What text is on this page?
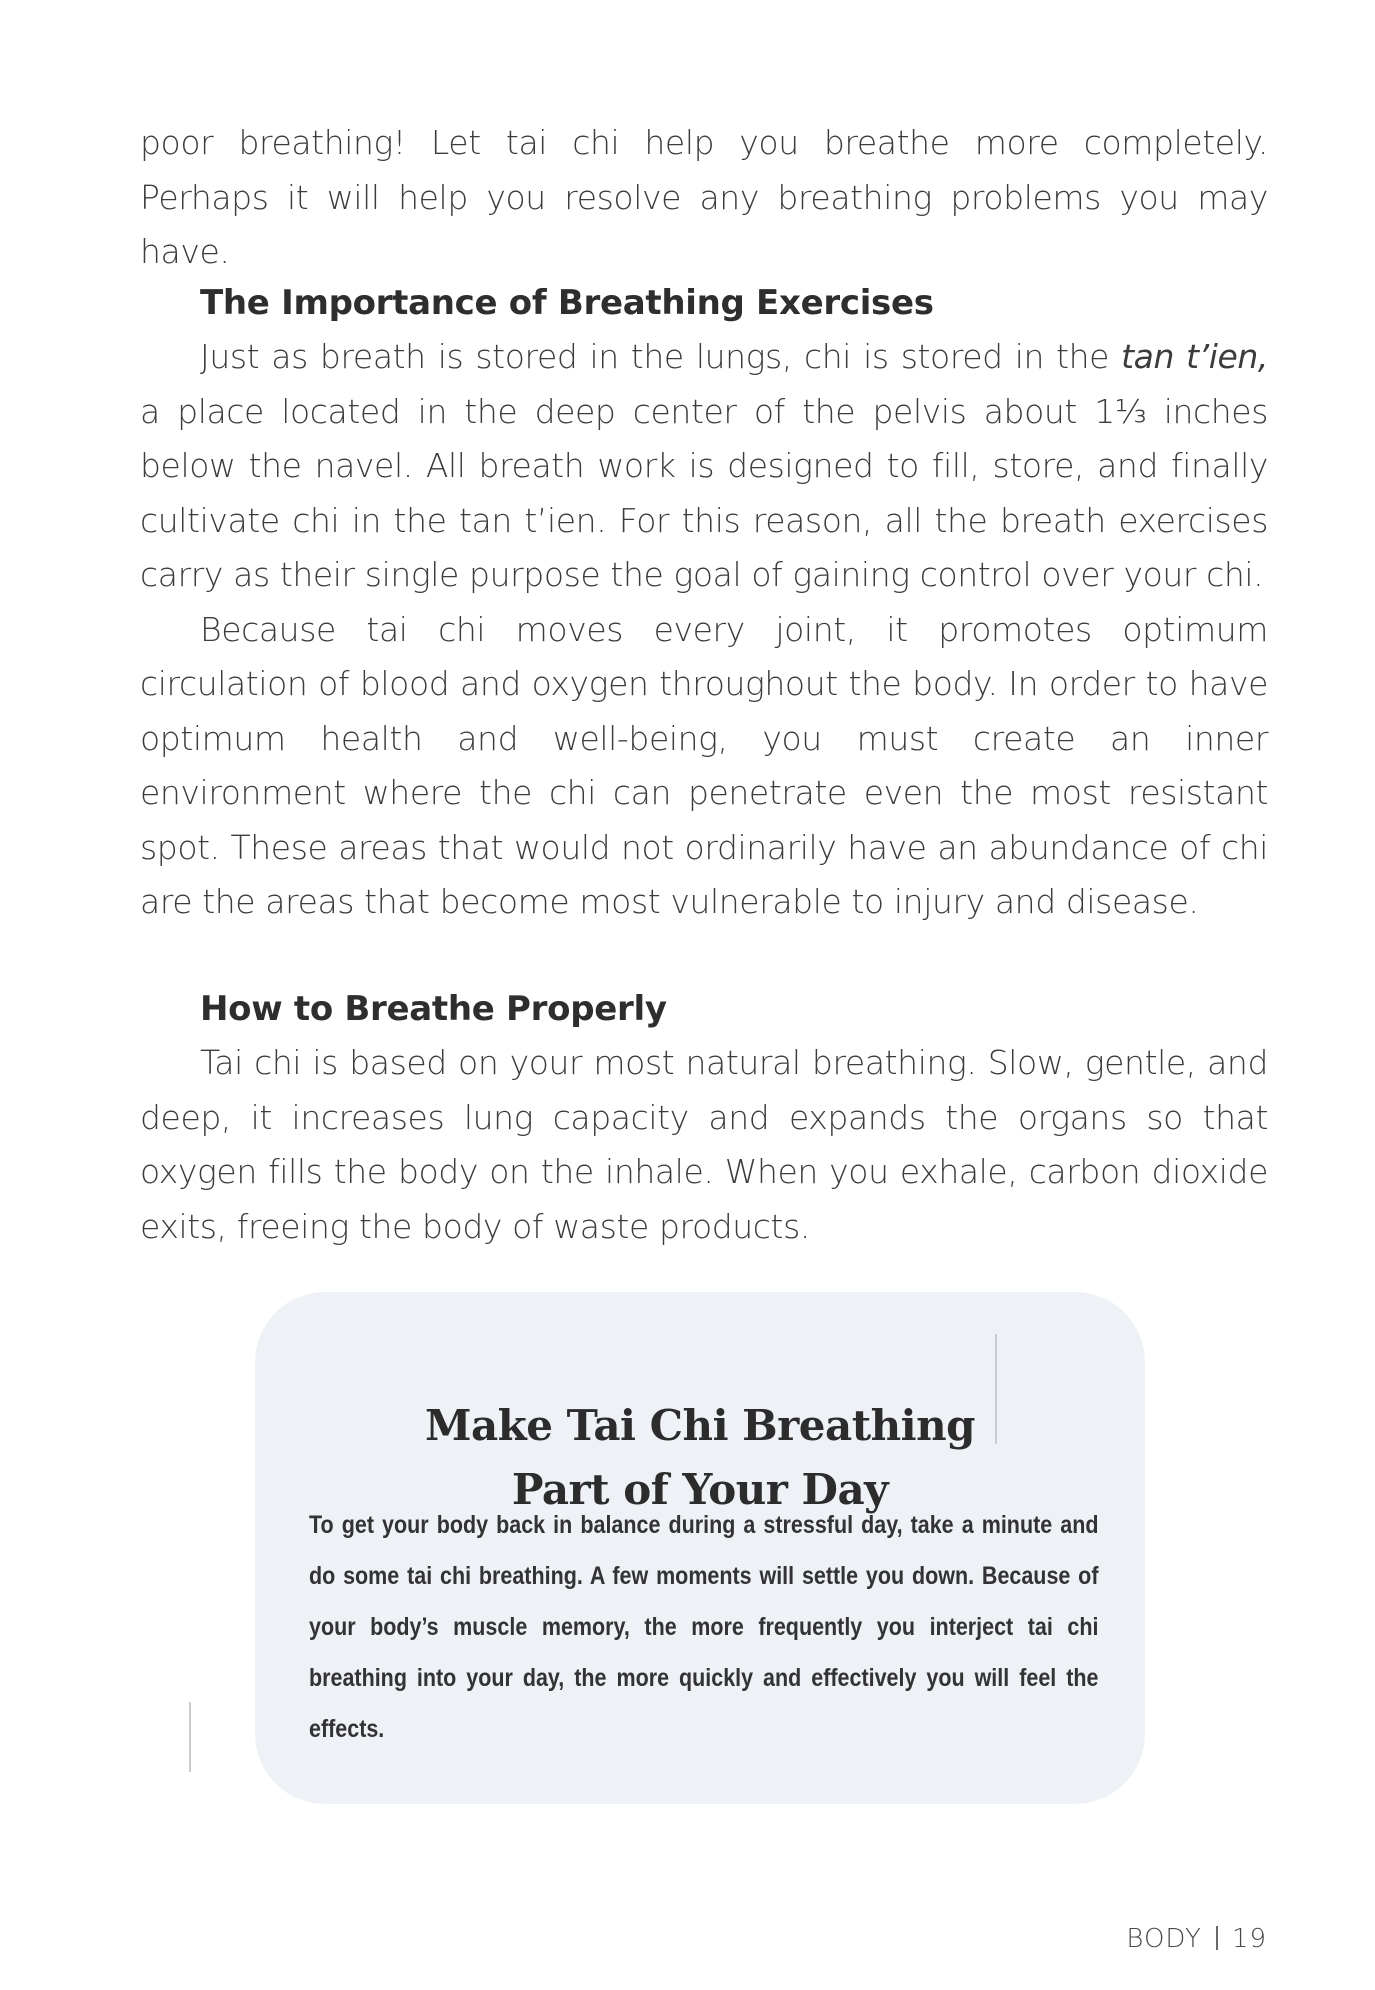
poor breathing! Let tai chi help you breathe more completely. Perhaps it will help you resolve any breathing problems you may have.

The Importance of Breathing Exercises

Just as breath is stored in the lungs, chi is stored in the tan t’ien, a place located in the deep center of the pelvis about 1⅓ inches below the navel. All breath work is designed to fill, store, and finally cultivate chi in the tan t’ien. For this reason, all the breath exercises carry as their single purpose the goal of gaining control over your chi.

Because tai chi moves every joint, it promotes optimum circulation of blood and oxygen throughout the body. In order to have optimum health and well-being, you must create an inner environment where the chi can penetrate even the most resistant spot. These areas that would not ordinarily have an abundance of chi are the areas that become most vulnerable to injury and disease.

How to Breathe Properly

Tai chi is based on your most natural breathing. Slow, gentle, and deep, it increases lung capacity and expands the organs so that oxygen fills the body on the inhale. When you exhale, carbon dioxide exits, freeing the body of waste products.

Make Tai Chi Breathing
Part of Your Day

To get your body back in balance during a stressful day, take a minute and do some tai chi breathing. A few moments will settle you down. Because of your body’s muscle memory, the more frequently you interject tai chi breathing into your day, the more quickly and effectively you will feel the effects.

BODY 19
